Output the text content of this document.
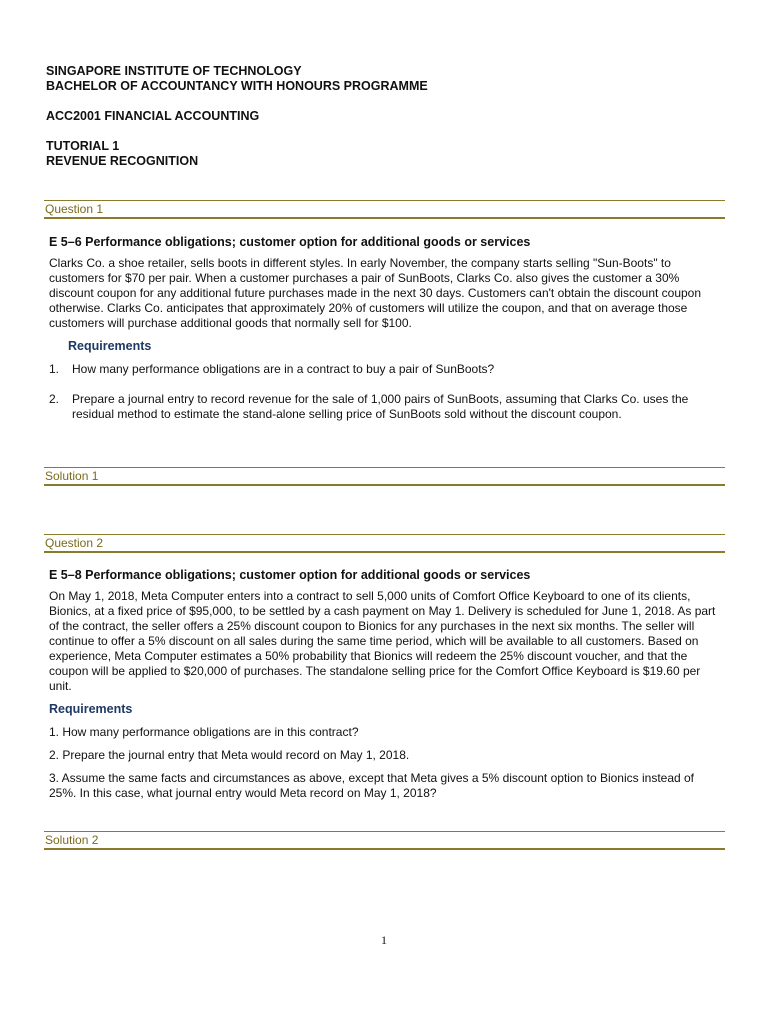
SINGAPORE INSTITUTE OF TECHNOLOGY
BACHELOR OF ACCOUNTANCY WITH HONOURS PROGRAMME
ACC2001 FINANCIAL ACCOUNTING
TUTORIAL 1
REVENUE RECOGNITION
Question 1
E 5–6 Performance obligations; customer option for additional goods or services

Clarks Co. a shoe retailer, sells boots in different styles. In early November, the company starts selling "Sun-Boots" to customers for $70 per pair. When a customer purchases a pair of SunBoots, Clarks Co. also gives the customer a 30% discount coupon for any additional future purchases made in the next 30 days. Customers can't obtain the discount coupon otherwise. Clarks Co. anticipates that approximately 20% of customers will utilize the coupon, and that on average those customers will purchase additional goods that normally sell for $100.

Requirements
1. How many performance obligations are in a contract to buy a pair of SunBoots?
2. Prepare a journal entry to record revenue for the sale of 1,000 pairs of SunBoots, assuming that Clarks Co. uses the residual method to estimate the stand-alone selling price of SunBoots sold without the discount coupon.
Solution 1
Question 2
E 5–8 Performance obligations; customer option for additional goods or services

On May 1, 2018, Meta Computer enters into a contract to sell 5,000 units of Comfort Office Keyboard to one of its clients, Bionics, at a fixed price of $95,000, to be settled by a cash payment on May 1. Delivery is scheduled for June 1, 2018. As part of the contract, the seller offers a 25% discount coupon to Bionics for any purchases in the next six months. The seller will continue to offer a 5% discount on all sales during the same time period, which will be available to all customers. Based on experience, Meta Computer estimates a 50% probability that Bionics will redeem the 25% discount voucher, and that the coupon will be applied to $20,000 of purchases. The standalone selling price for the Comfort Office Keyboard is $19.60 per unit.

Requirements
1. How many performance obligations are in this contract?
2. Prepare the journal entry that Meta would record on May 1, 2018.
3. Assume the same facts and circumstances as above, except that Meta gives a 5% discount option to Bionics instead of 25%. In this case, what journal entry would Meta record on May 1, 2018?
Solution 2
1
